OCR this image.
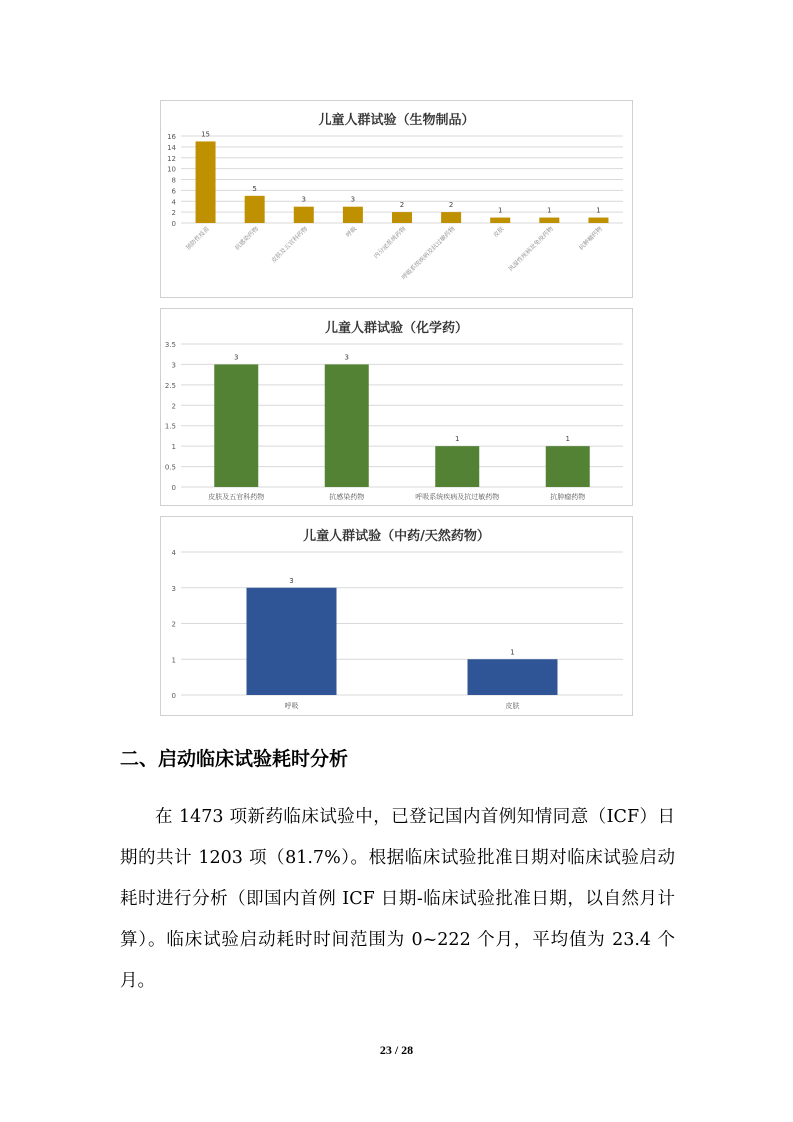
儿童人群试验（生物制品）
0
2
4
6
8
10
12
14
16	15
预防性疫苗
5
抗感染药物
3
皮肤及五官科药物
3
呼吸
2
内分泌系统药物
2
呼吸系统疾病及抗过敏药物
1
皮肤
1
风湿性疾病及免疫药物
1
抗肿瘤药物
儿童人群试验（化学药）
0
0.5
1
1.5
2
2.5
3
3.5
3
皮肤及五官科药物
3
抗感染药物
1
呼吸系统疾病及抗过敏药物
1
抗肿瘤药物
儿童人群试验（中药/天然药物）
0
1
2
3
4
3
呼吸
1
皮肤
二、启动临床试验耗时分析
在 1473 项新药临床试验中，已登记国内首例知情同意（ICF）日期的共计 1203 项（81.7%）。根据临床试验批准日期对临床试验启动耗时进行分析（即国内首例 ICF 日期-临床试验批准日期，以自然月计算）。临床试验启动耗时时间范围为 0~222 个月，平均值为 23.4 个月。
23 / 28
